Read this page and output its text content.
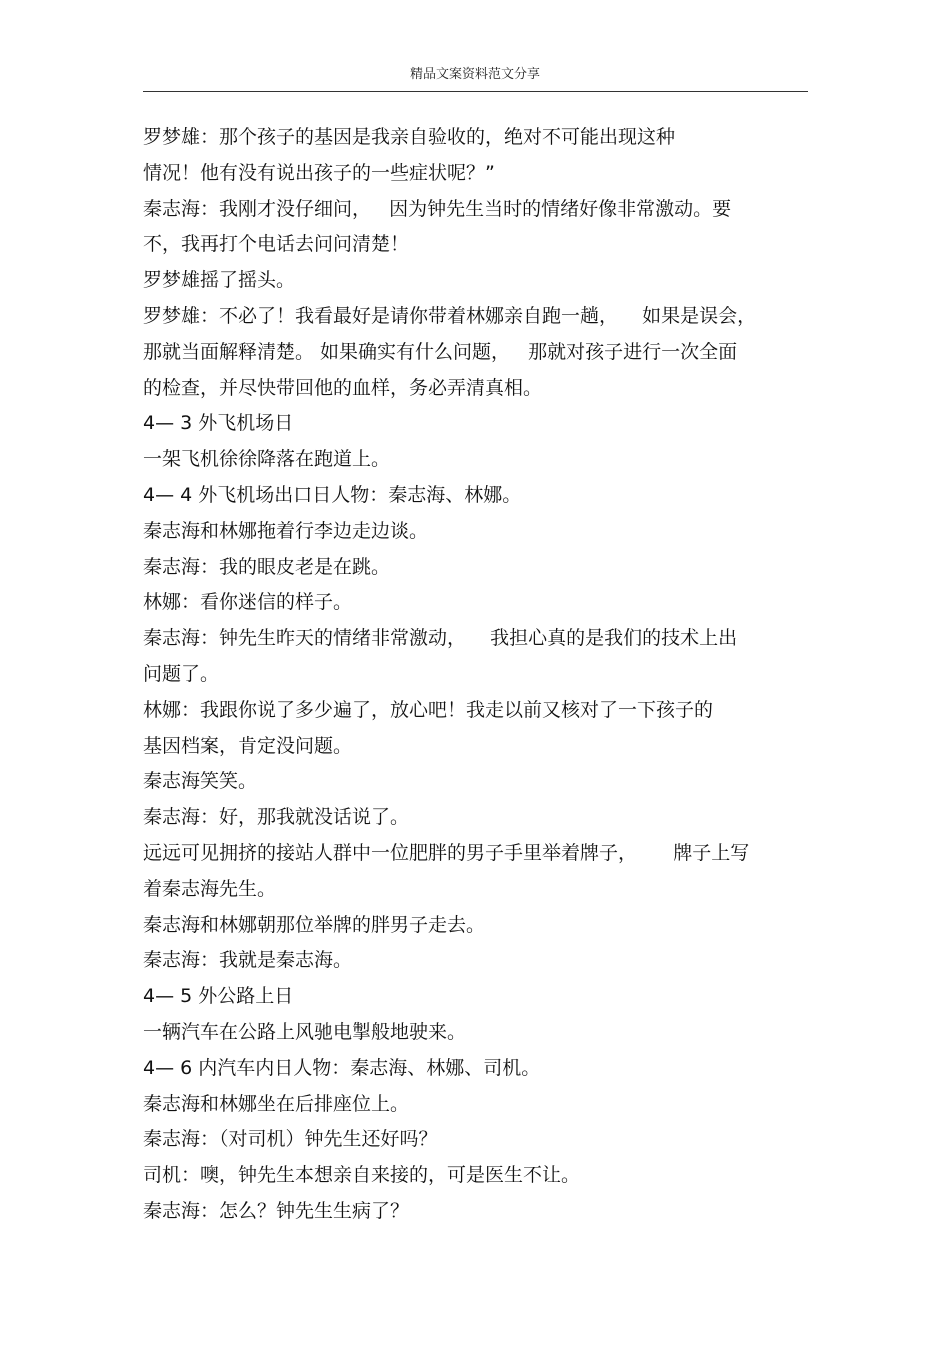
精品文案资料范文分享
罗梦雄：那个孩子的基因是我亲自验收的，绝对不可能出现这种
情况！他有没有说出孩子的一些症状呢？”
秦志海：我刚才没仔细问，   因为钟先生当时的情绪好像非常激动。要
不，我再打个电话去问问清楚！
罗梦雄摇了摇头。
罗梦雄：不必了！我看最好是请你带着林娜亲自跑一趟，    如果是误会，
那就当面解释清楚。 如果确实有什么问题，   那就对孩子进行一次全面
的检查，并尽快带回他的血样，务必弄清真相。
4— 3 外飞机场日
一架飞机徐徐降落在跑道上。
4— 4 外飞机场出口日人物：秦志海、林娜。
秦志海和林娜拖着行李边走边谈。
秦志海：我的眼皮老是在跳。
林娜：看你迷信的样子。
秦志海：钟先生昨天的情绪非常激动，    我担心真的是我们的技术上出
问题了。
林娜：我跟你说了多少遍了，放心吧！我走以前又核对了一下孩子的
基因档案，肯定没问题。
秦志海笑笑。
秦志海：好，那我就没话说了。
远远可见拥挤的接站人群中一位肥胖的男子手里举着牌子，      牌子上写
着秦志海先生。
秦志海和林娜朝那位举牌的胖男子走去。
秦志海：我就是秦志海。
4— 5 外公路上日
一辆汽车在公路上风驰电掣般地驶来。
4— 6 内汽车内日人物：秦志海、林娜、司机。
秦志海和林娜坐在后排座位上。
秦志海：（对司机）钟先生还好吗？
司机：噢，钟先生本想亲自来接的，可是医生不让。
秦志海：怎么？钟先生生病了？
